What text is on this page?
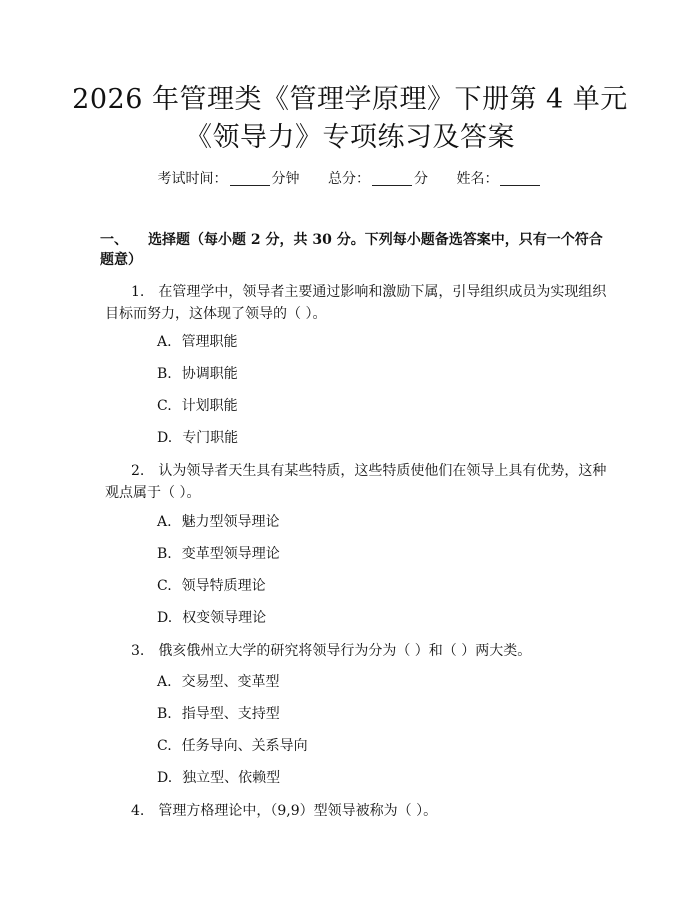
2026 年管理类《管理学原理》下册第 4 单元
《领导力》专项练习及答案
考试时间：	分钟 总分：	分 姓名：
一、 选择题（每小题 2 分，共 30 分。下列每小题备选答案中，只有一个符合题意）
1. 在管理学中，领导者主要通过影响和激励下属，引导组织成员为实现组织目标而努力，这体现了领导的（ ）。
A. 管理职能
B. 协调职能
C. 计划职能
D. 专门职能
2. 认为领导者天生具有某些特质，这些特质使他们在领导上具有优势，这种观点属于（ ）。
A. 魅力型领导理论
B. 变革型领导理论
C. 领导特质理论
D. 权变领导理论
3. 俄亥俄州立大学的研究将领导行为分为（ ）和（ ）两大类。
A. 交易型、变革型
B. 指导型、支持型
C. 任务导向、关系导向
D. 独立型、依赖型
4. 管理方格理论中，（9,9）型领导被称为（ ）。
